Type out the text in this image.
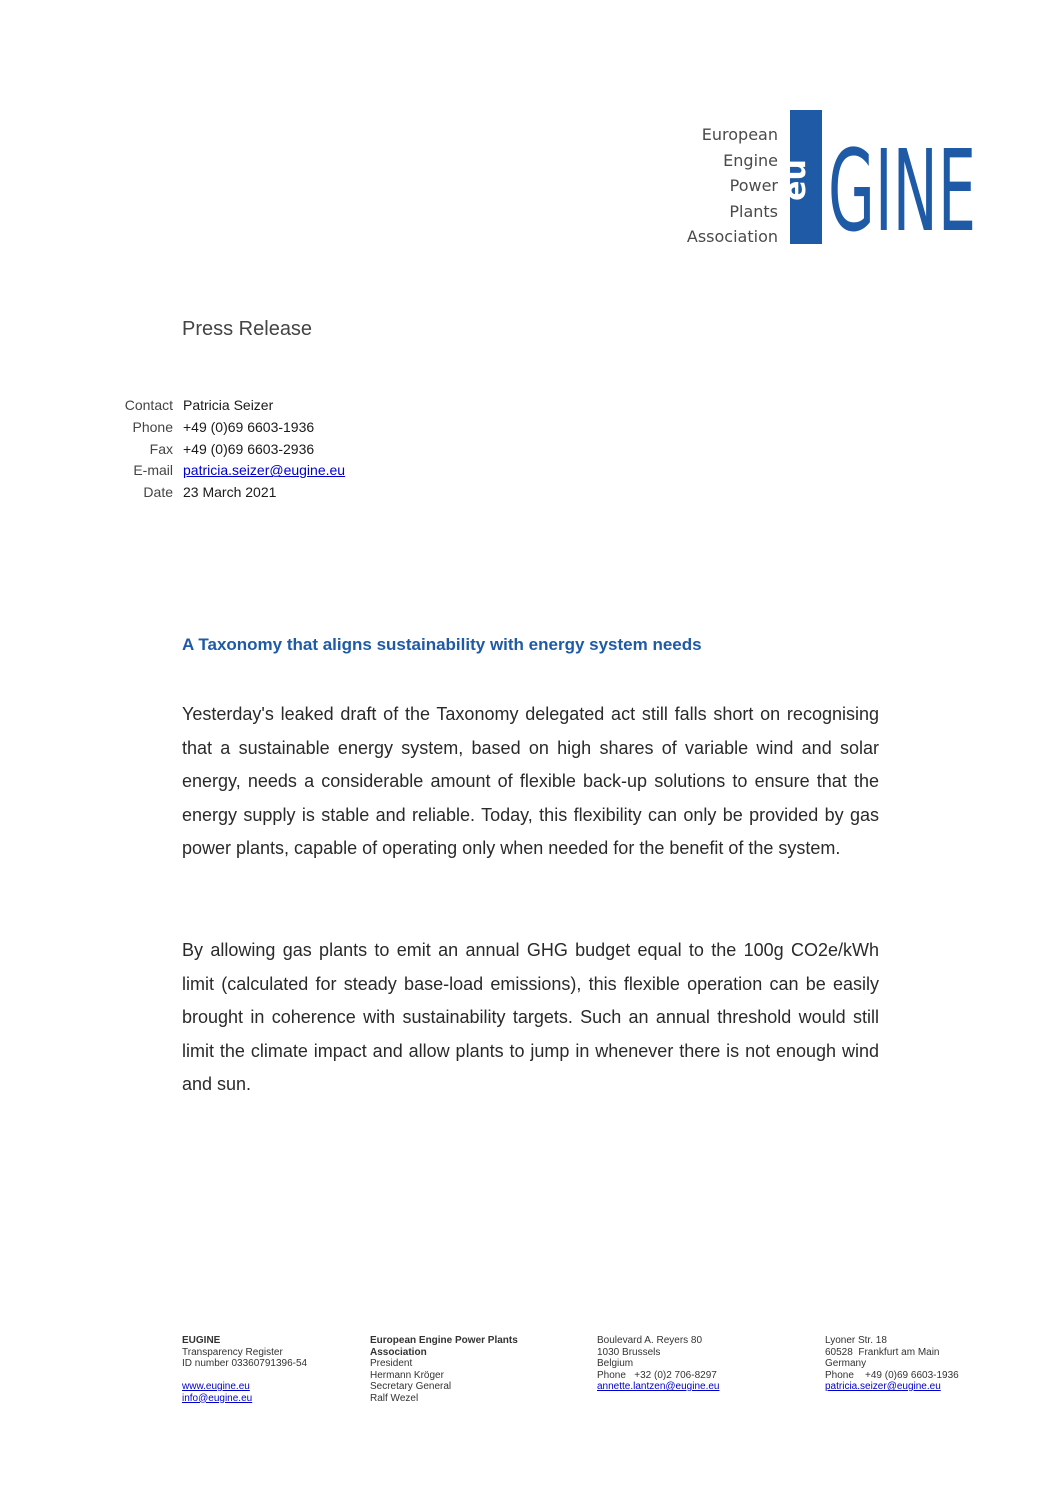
European
Engine
Power
Plants
Association
eu GINE
Press Release
Contact Patricia Seizer
Phone +49 (0)69 6603-1936
Fax +49 (0)69 6603-2936
E-mail patricia.seizer@eugine.eu
Date 23 March 2021
A Taxonomy that aligns sustainability with energy system needs

Yesterday's leaked draft of the Taxonomy delegated act still falls short on recognising that a sustainable energy system, based on high shares of variable wind and solar energy, needs a considerable amount of flexible back-up solutions to ensure that the energy supply is stable and reliable. Today, this flexibility can only be provided by gas power plants, capable of operating only when needed for the benefit of the system.

By allowing gas plants to emit an annual GHG budget equal to the 100g CO2e/kWh limit (calculated for steady base-load emissions), this flexible operation can be easily brought in coherence with sustainability targets. Such an annual threshold would still limit the climate impact and allow plants to jump in whenever there is not enough wind and sun.

EUGINE
Transparency Register
ID number 03360791396-54
www.eugine.eu
info@eugine.eu
European Engine Power Plants
Association
President
Hermann Kröger
Secretary General
Ralf Wezel
Boulevard A. Reyers 80
1030 Brussels
Belgium
Phone   +32 (0)2 706-8297
annette.lantzen@eugine.eu
Lyoner Str. 18
60528  Frankfurt am Main
Germany
Phone    +49 (0)69 6603-1936
patricia.seizer@eugine.eu
